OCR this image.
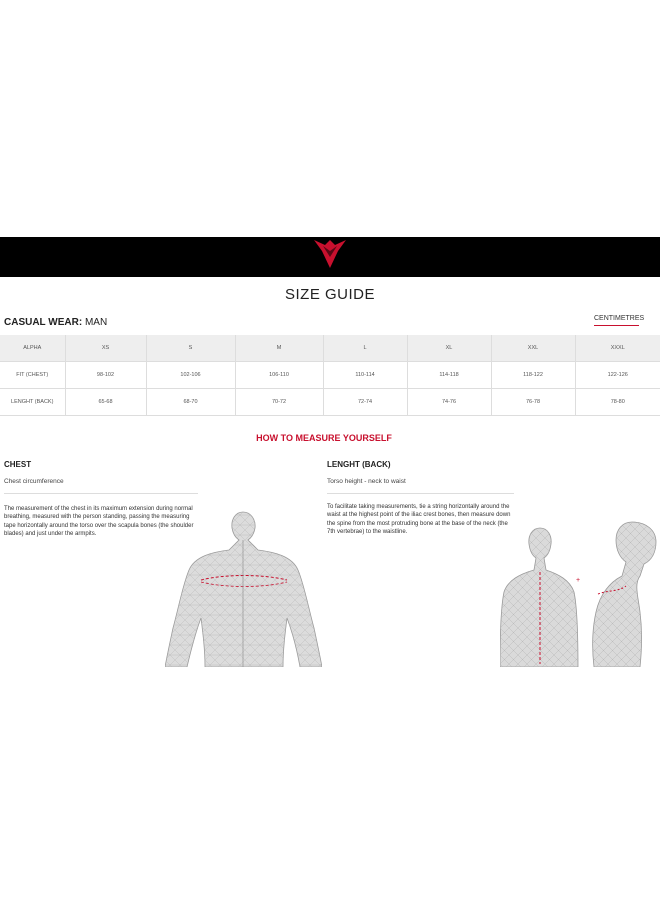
SIZE GUIDE
CASUAL WEAR: MAN	CENTIMETRES
ALPHA	XS	S	M	L	XL	XXL	XXXL
FIT (CHEST)	98-102	102-106	106-110	110-114	114-118	118-122	122-126
LENGHT (BACK)	65-68	68-70	70-72	72-74	74-76	76-78	78-80
HOW TO MEASURE YOURSELF
CHEST
Chest circumference
The measurement of the chest in its maximum extension during normal breathing, measured with the person standing, passing the measuring tape horizontally around the torso over the scapula bones (the shoulder blades) and just under the armpits.
LENGHT (BACK)
Torso height - neck to waist
To facilitate taking measurements, tie a string horizontally around the waist at the highest point of the iliac crest bones, then measure down the spine from the most protruding bone at the base of the neck (the 7th vertebrae) to the waistline.
+
